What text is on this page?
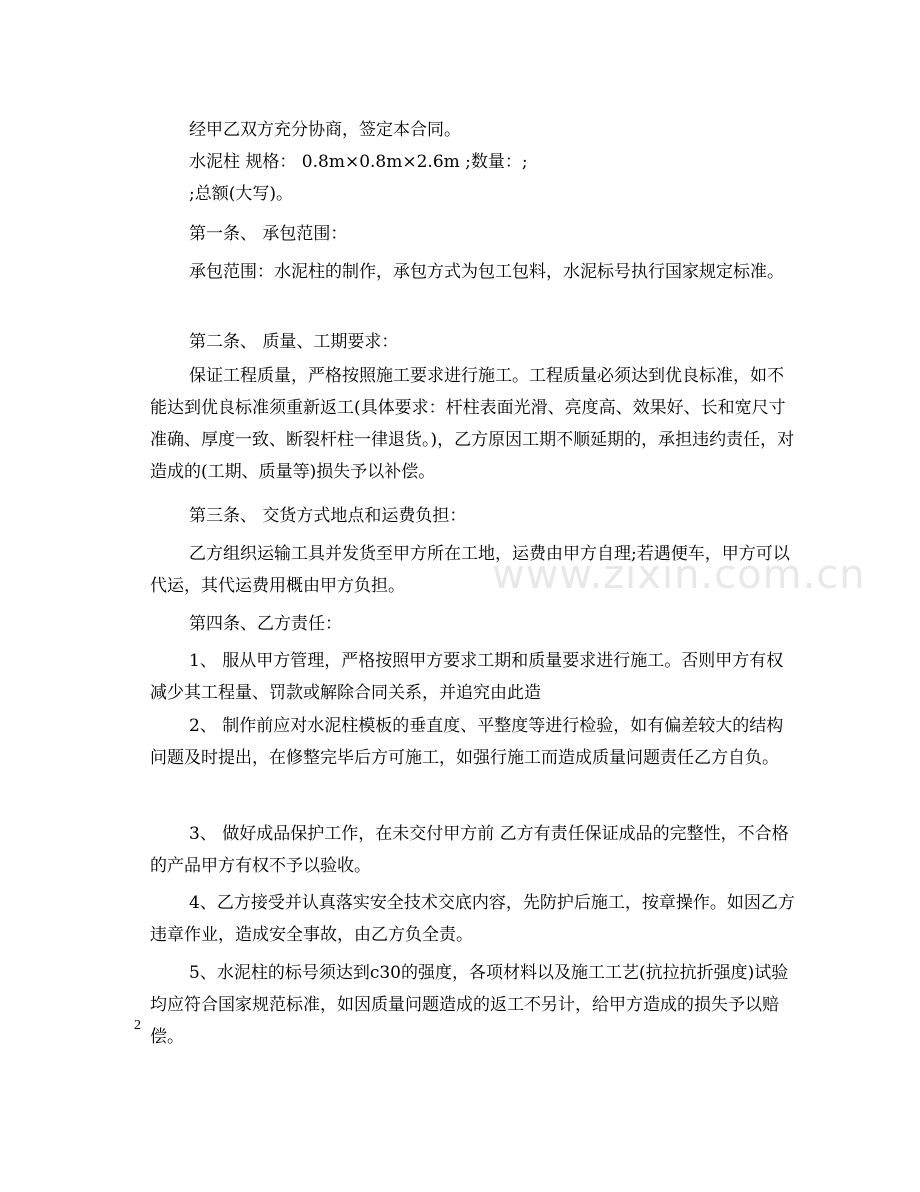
经甲乙双方充分协商，签定本合同。

水泥柱 规格： 0.8m×0.8m×2.6m ;数量：;

;总额(大写)。

第一条、 承包范围：

承包范围：水泥柱的制作，承包方式为包工包料，水泥标号执行国家规定标准。

第二条、 质量、工期要求：

保证工程质量，严格按照施工要求进行施工。工程质量必须达到优良标准，如不能达到优良标准须重新返工(具体要求：杆柱表面光滑、亮度高、效果好、长和宽尺寸准确、厚度一致、断裂杆柱一律退货。)，乙方原因工期不顺延期的，承担违约责任，对造成的(工期、质量等)损失予以补偿。

第三条、 交货方式地点和运费负担：

乙方组织运输工具并发货至甲方所在工地，运费由甲方自理;若遇便车，甲方可以代运，其代运费用概由甲方负担。

第四条、乙方责任：

1、 服从甲方管理，严格按照甲方要求工期和质量要求进行施工。否则甲方有权减少其工程量、罚款或解除合同关系，并追究由此造

2、 制作前应对水泥柱模板的垂直度、平整度等进行检验，如有偏差较大的结构问题及时提出，在修整完毕后方可施工，如强行施工而造成质量问题责任乙方自负。

3、 做好成品保护工作，在未交付甲方前 乙方有责任保证成品的完整性，不合格的产品甲方有权不予以验收。

4、乙方接受并认真落实安全技术交底内容，先防护后施工，按章操作。如因乙方违章作业，造成安全事故，由乙方负全责。

5、水泥柱的标号须达到c30的强度，各项材料以及施工工艺(抗拉抗折强度)试验均应符合国家规范标准，如因质量问题造成的返工不另计，给甲方造成的损失予以赔偿。

www.zixin.com.cn
2
